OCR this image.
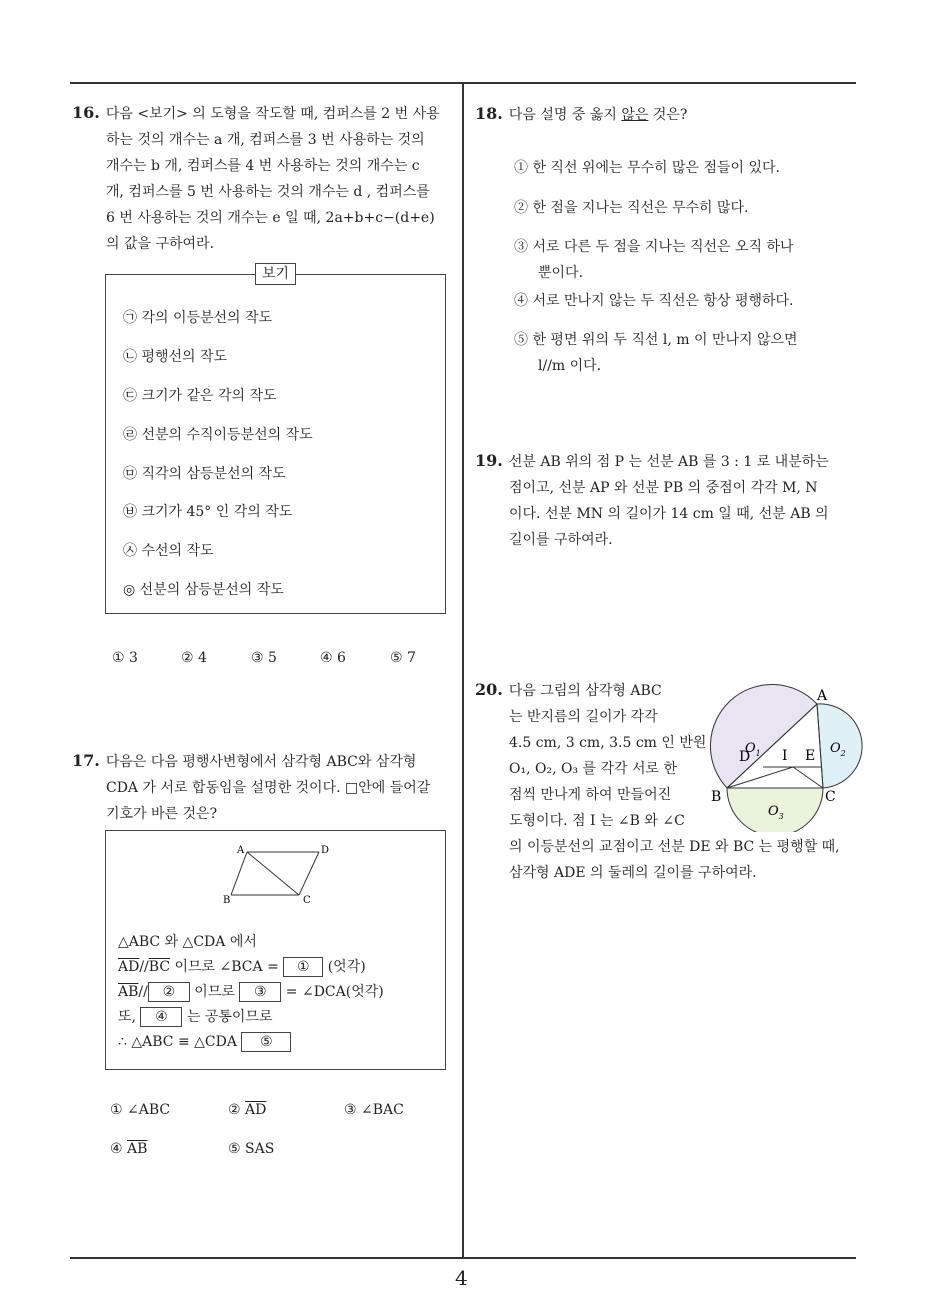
4
16. 다음 <보기> 의 도형을 작도할 때, 컴퍼스를 2 번 사용
하는 것의 개수는 a 개, 컴퍼스를 3 번 사용하는 것의
개수는 b 개, 컴퍼스를 4 번 사용하는 것의 개수는 c
개, 컴퍼스를 5 번 사용하는 것의 개수는 d , 컴퍼스를
6 번 사용하는 것의 개수는 e 일 때, 2a+b+c−(d+e)
의 값을 구하여라.
보기
㉠ 각의 이등분선의 작도
㉡ 평행선의 작도
㉢ 크기가 같은 각의 작도
㉣ 선분의 수직이등분선의 작도
㉤ 직각의 삼등분선의 작도
㉥ 크기가 45° 인 각의 작도
㉦ 수선의 작도
◎ 선분의 삼등분선의 작도
① 3	② 4	③ 5	④ 6	⑤ 7
17. 다음은 다음 평행사변형에서 삼각형 ABC와 삼각형
CDA 가 서로 합동임을 설명한 것이다. □안에 들어갈
기호가 바른 것은?
A	D
B	C
△ABC 와 △CDA 에서
$\overline{AD}//\overline{BC}$ 이므로 ∠BCA = ① (엇각)
$\overline{AB}//$ ② 이므로 ③ = ∠DCA(엇각)
또, ④ 는 공통이므로
∴ △ABC ≡ △CDA ⑤
① ∠ABC	② $\overline{AD}$	③ ∠BAC
④ $\overline{AB}$	⑤ SAS
18. 다음 설명 중 옳지 않은 것은?
① 한 직선 위에는 무수히 많은 점들이 있다.
② 한 점을 지나는 직선은 무수히 많다.
③ 서로 다른 두 점을 지나는 직선은 오직 하나
뿐이다.
④ 서로 만나지 않는 두 직선은 항상 평행하다.
⑤ 한 평면 위의 두 직선 l, m 이 만나지 않으면
l//m 이다.
19. 선분 AB 위의 점 P 는 선분 AB 를 3 : 1 로 내분하는
점이고, 선분 AP 와 선분 PB 의 중점이 각각 M, N
이다. 선분 MN 의 길이가 14 cm 일 때, 선분 AB 의
길이를 구하여라.
20. 다음 그림의 삼각형 ABC
는 반지름의 길이가 각각
4.5 cm, 3 cm, 3.5 cm 인 반원
O₁, O₂, O₃ 를 각각 서로 한
점씩 만나게 하여 만들어진
도형이다. 점 I 는 ∠B 와 ∠C
의 이등분선의 교점이고 선분 DE 와 BC 는 평행할 때,
삼각형 ADE 의 둘레의 길이를 구하여라.
A
B	C
D I E
$O_1$	$O_2$
$O_3$
